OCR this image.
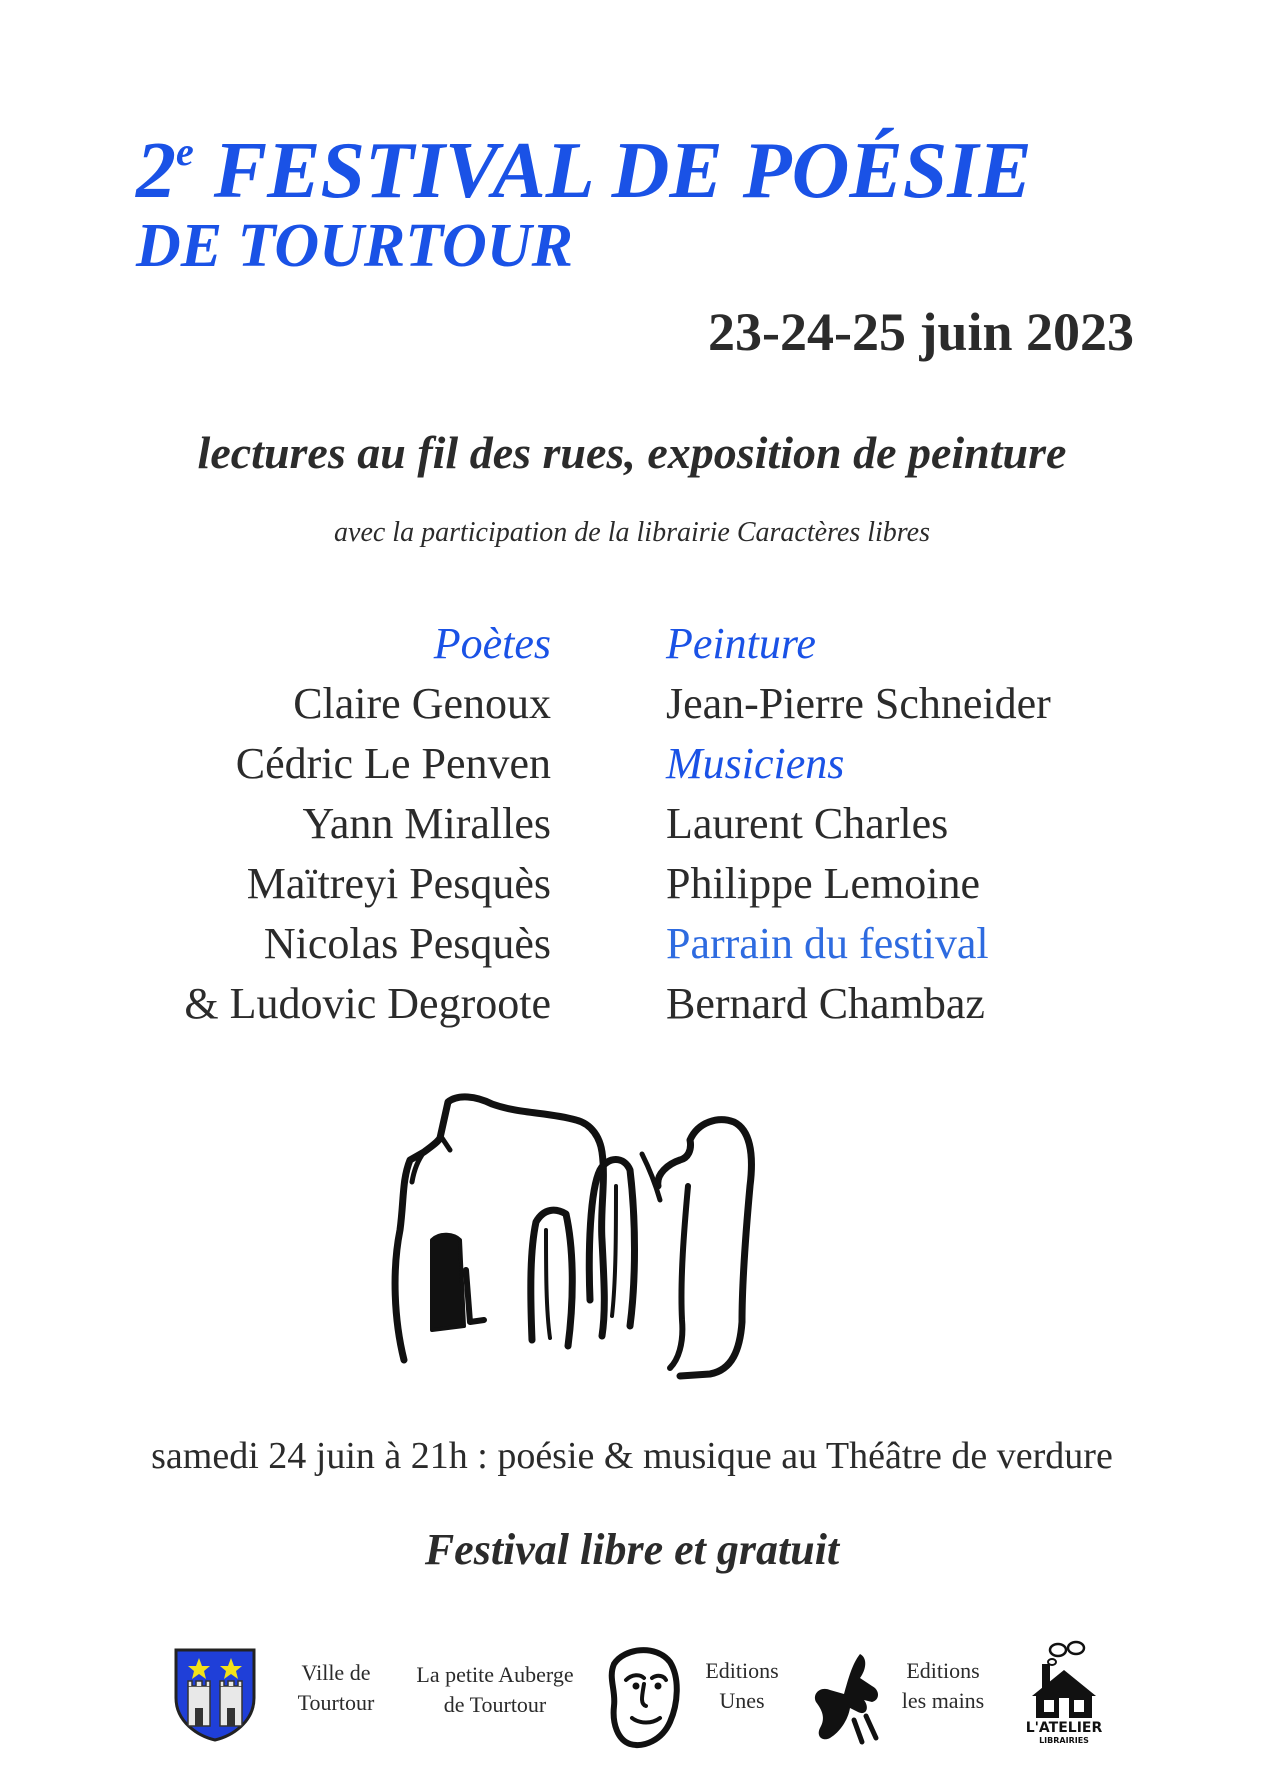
2e FESTIVAL DE POÉSIE
DE TOURTOUR
23-24-25 juin 2023
lectures au fil des rues, exposition de peinture
avec la participation de la librairie Caractères libres
Poètes
Claire Genoux
Cédric Le Penven
Yann Miralles
Maïtreyi Pesquès
Nicolas Pesquès
& Ludovic Degroote
Peinture
Jean-Pierre Schneider
Musiciens
Laurent Charles
Philippe Lemoine
Parrain du festival
Bernard Chambaz
samedi 24 juin à 21h : poésie & musique au Théâtre de verdure
Festival libre et gratuit
Ville de
Tourtour
La petite Auberge
de Tourtour
Editions
Unes
Editions
les mains
L'ATELIER
LIBRAIRIES
